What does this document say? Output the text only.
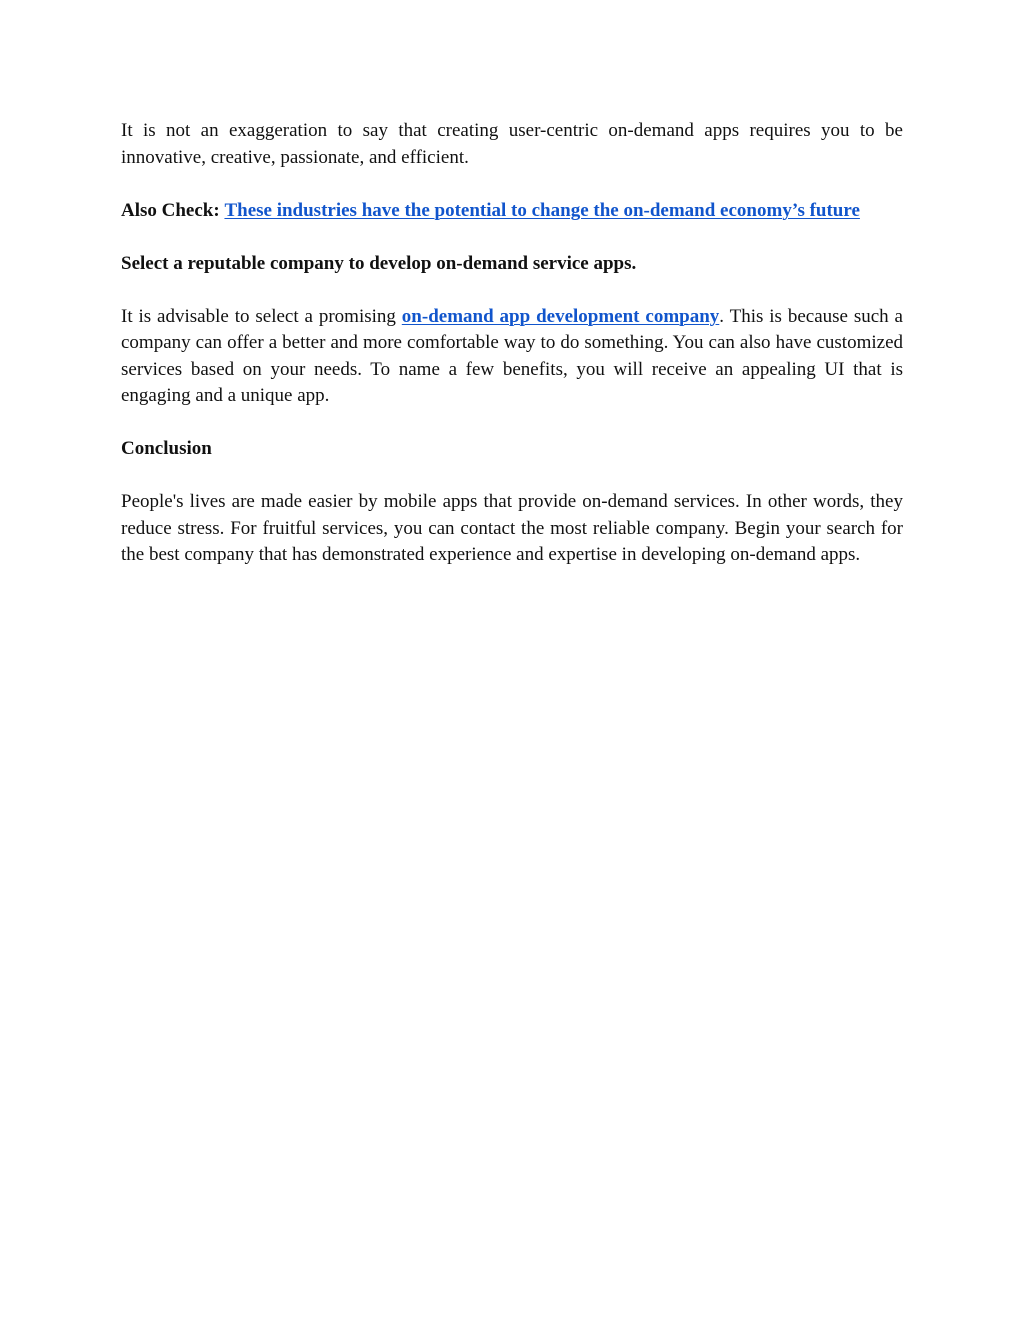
It is not an exaggeration to say that creating user-centric on-demand apps requires you to be innovative, creative, passionate, and efficient.

Also Check: These industries have the potential to change the on-demand economy’s future

Select a reputable company to develop on-demand service apps.

It is advisable to select a promising on-demand app development company. This is because such a company can offer a better and more comfortable way to do something. You can also have customized services based on your needs. To name a few benefits, you will receive an appealing UI that is engaging and a unique app.

Conclusion

People's lives are made easier by mobile apps that provide on-demand services. In other words, they reduce stress. For fruitful services, you can contact the most reliable company. Begin your search for the best company that has demonstrated experience and expertise in developing on-demand apps.
